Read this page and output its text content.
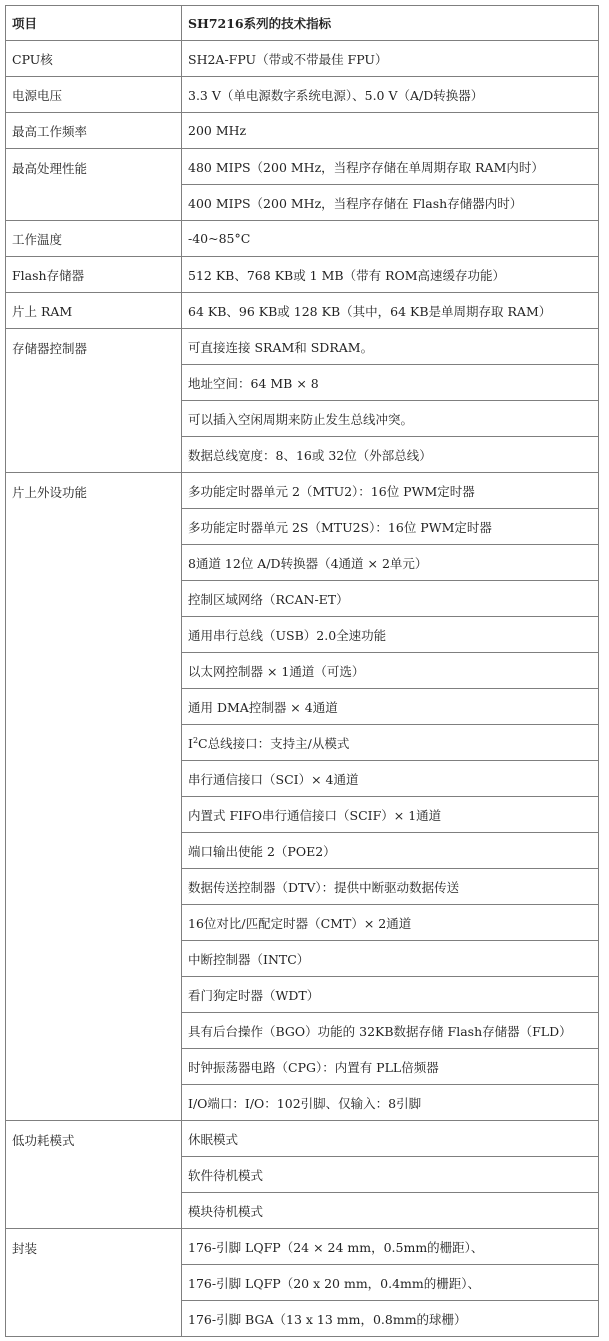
项目	SH7216系列的技术指标
CPU核	SH2A-FPU（带或不带最佳 FPU）
电源电压	3.3 V（单电源数字系统电源）、5.0 V（A/D转换器）
最高工作频率	200 MHz
最高处理性能	480 MIPS（200 MHz，当程序存储在单周期存取 RAM内时）
	400 MIPS（200 MHz，当程序存储在 Flash存储器内时）
工作温度	-40~85°C
Flash存储器	512 KB、768 KB或 1 MB（带有 ROM高速缓存功能）
片上 RAM	64 KB、96 KB或 128 KB（其中，64 KB是单周期存取 RAM）
存储器控制器	可直接连接 SRAM和 SDRAM。
	地址空间：64 MB × 8
	可以插入空闲周期来防止发生总线冲突。
	数据总线宽度：8、16或 32位（外部总线）
片上外设功能	多功能定时器单元 2（MTU2）：16位 PWM定时器
	多功能定时器单元 2S（MTU2S）：16位 PWM定时器
	8通道 12位 A/D转换器（4通道 × 2单元）
	控制区域网络（RCAN-ET）
	通用串行总线（USB）2.0全速功能
	以太网控制器 × 1通道（可选）
	通用 DMA控制器 × 4通道
	$I^2C$总线接口：支持主/从模式
	串行通信接口（SCI）× 4通道
	内置式 FIFO串行通信接口（SCIF）× 1通道
	端口输出使能 2（POE2）
	数据传送控制器（DTV）：提供中断驱动数据传送
	16位对比/匹配定时器（CMT）× 2通道
	中断控制器（INTC）
	看门狗定时器（WDT）
	具有后台操作（BGO）功能的 32KB数据存储 Flash存储器（FLD）
	时钟振荡器电路（CPG）：内置有 PLL倍频器
	I/O端口：I/O：102引脚、仅输入：8引脚
低功耗模式	休眠模式
	软件待机模式
	模块待机模式
封装	176-引脚 LQFP（24 × 24 mm，0.5mm的栅距）、
	176-引脚 LQFP（20 x 20 mm，0.4mm的栅距）、
	176-引脚 BGA（13 x 13 mm，0.8mm的球栅）
